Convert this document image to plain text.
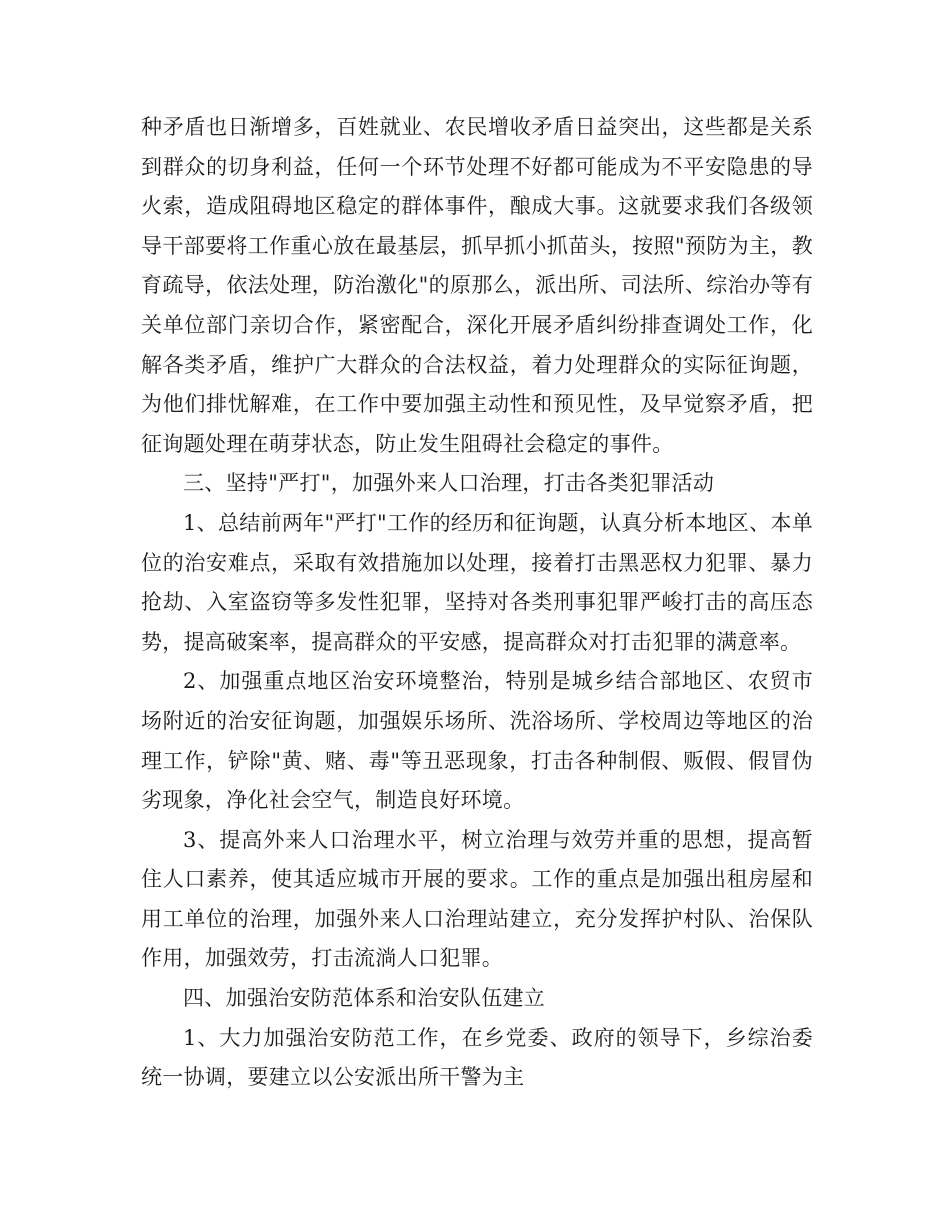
种矛盾也日渐增多，百姓就业、农民增收矛盾日益突出，这些都是关系到群众的切身利益，任何一个环节处理不好都可能成为不平安隐患的导火索，造成阻碍地区稳定的群体事件，酿成大事。这就要求我们各级领导干部要将工作重心放在最基层，抓早抓小抓苗头，按照"预防为主，教育疏导，依法处理，防治激化"的原那么，派出所、司法所、综治办等有关单位部门亲切合作，紧密配合，深化开展矛盾纠纷排查调处工作，化解各类矛盾，维护广大群众的合法权益，着力处理群众的实际征询题，为他们排忧解难，在工作中要加强主动性和预见性，及早觉察矛盾，把征询题处理在萌芽状态，防止发生阻碍社会稳定的事件。

三、坚持"严打"，加强外来人口治理，打击各类犯罪活动

1、总结前两年"严打"工作的经历和征询题，认真分析本地区、本单位的治安难点，采取有效措施加以处理，接着打击黑恶权力犯罪、暴力抢劫、入室盗窃等多发性犯罪，坚持对各类刑事犯罪严峻打击的高压态势，提高破案率，提高群众的平安感，提高群众对打击犯罪的满意率。

2、加强重点地区治安环境整治，特别是城乡结合部地区、农贸市场附近的治安征询题，加强娱乐场所、洗浴场所、学校周边等地区的治理工作，铲除"黄、赌、毒"等丑恶现象，打击各种制假、贩假、假冒伪劣现象，净化社会空气，制造良好环境。

3、提高外来人口治理水平，树立治理与效劳并重的思想，提高暂住人口素养，使其适应城市开展的要求。工作的重点是加强出租房屋和用工单位的治理，加强外来人口治理站建立，充分发挥护村队、治保队作用，加强效劳，打击流淌人口犯罪。

四、加强治安防范体系和治安队伍建立

1、大力加强治安防范工作，在乡党委、政府的领导下，乡综治委统一协调，要建立以公安派出所干警为主
